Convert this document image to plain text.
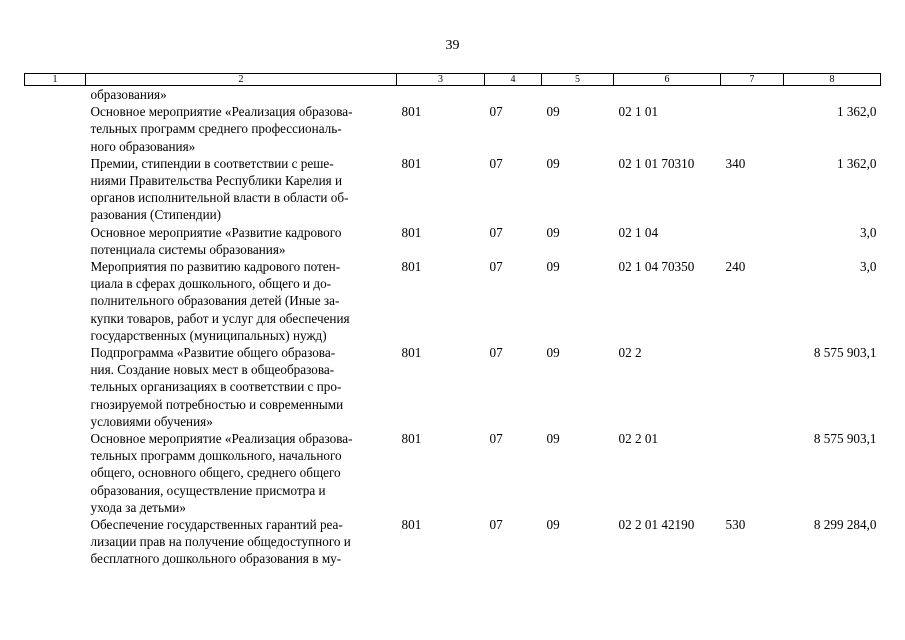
39
1	2	3	4	5	6	7	8

	образования»						

	Основное мероприятие «Реализация образова-
тельных программ среднего профессиональ-
ного образования»	801	07	09	02 1 01		1 362,0

	Премии, стипендии в соответствии с реше-
ниями Правительства Республики Карелия и
органов исполнительной власти в области об-
разования (Стипендии)	801	07	09	02 1 01 70310	340	1 362,0

	Основное мероприятие «Развитие кадрового
потенциала системы образования»	801	07	09	02 1 04		3,0

	Мероприятия по развитию кадрового потен-
циала в сферах дошкольного, общего и до-
полнительного образования детей (Иные за-
купки товаров, работ и услуг для обеспечения
государственных (муниципальных) нужд)	801	07	09	02 1 04 70350	240	3,0

	Подпрограмма «Развитие общего образова-
ния. Создание новых мест в общеобразова-
тельных организациях в соответствии с про-
гнозируемой потребностью и современными
условиями обучения»	801	07	09	02 2		8 575 903,1

	Основное мероприятие «Реализация образова-
тельных программ дошкольного, начального
общего, основного общего, среднего общего
образования, осуществление присмотра и
ухода за детьми»	801	07	09	02 2 01		8 575 903,1

	Обеспечение государственных гарантий реа-
лизации прав на получение общедоступного и
бесплатного дошкольного образования в му-	801	07	09	02 2 01 42190	530	8 299 284,0
